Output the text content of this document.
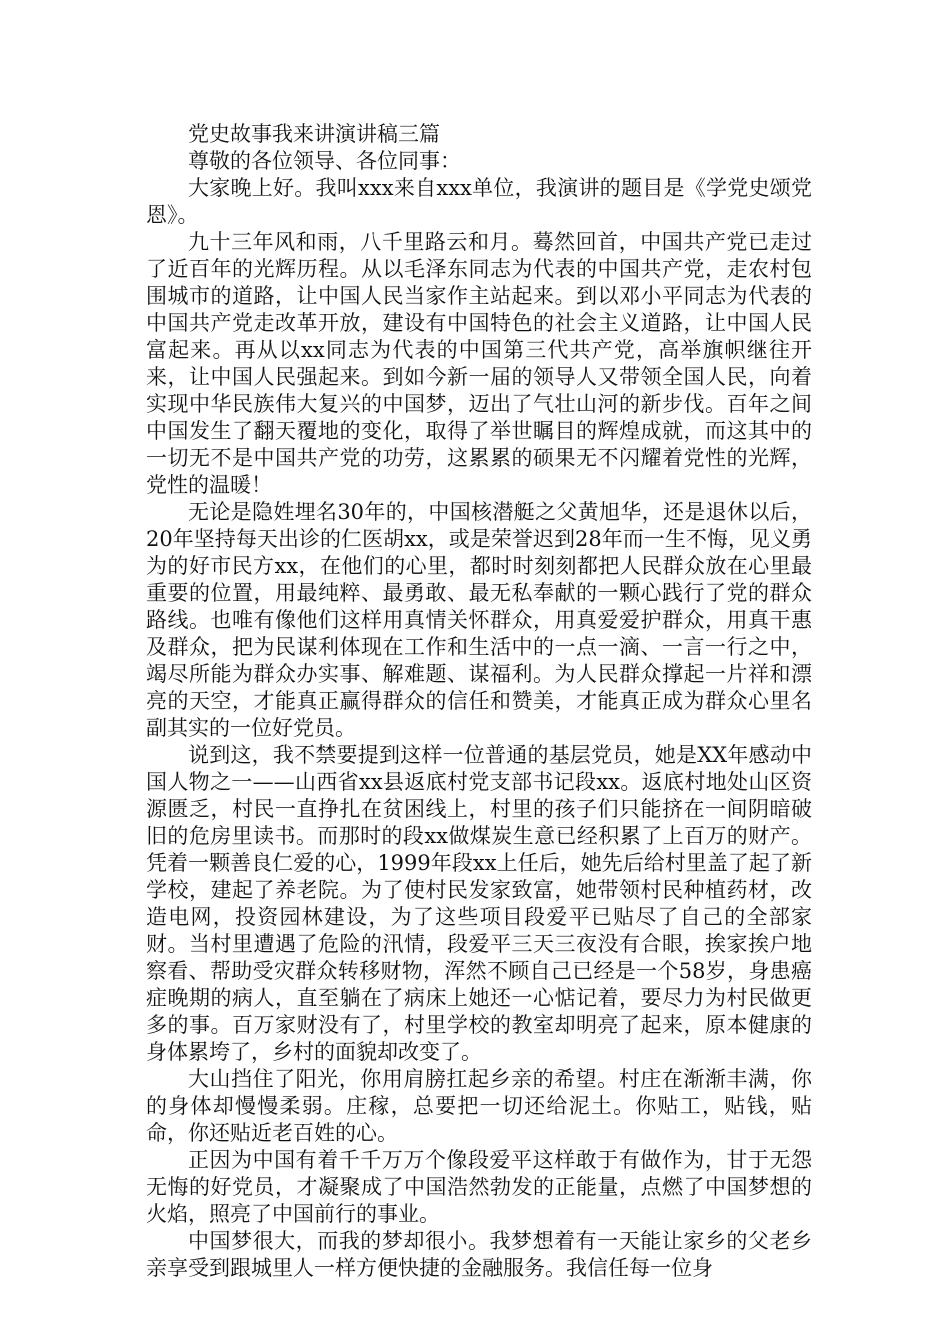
党史故事我来讲演讲稿三篇

尊敬的各位领导、各位同事：

大家晚上好。我叫xxx来自xxx单位，我演讲的题目是《学党史颂党恩》。

九十三年风和雨，八千里路云和月。蓦然回首，中国共产党已走过了近百年的光辉历程。从以毛泽东同志为代表的中国共产党，走农村包围城市的道路，让中国人民当家作主站起来。到以邓小平同志为代表的中国共产党走改革开放，建设有中国特色的社会主义道路，让中国人民富起来。再从以xx同志为代表的中国第三代共产党，高举旗帜继往开来，让中国人民强起来。到如今新一届的领导人又带领全国人民，向着实现中华民族伟大复兴的中国梦，迈出了气壮山河的新步伐。百年之间中国发生了翻天覆地的变化，取得了举世瞩目的辉煌成就，而这其中的一切无不是中国共产党的功劳，这累累的硕果无不闪耀着党性的光辉，党性的温暖！

无论是隐姓埋名30年的，中国核潜艇之父黄旭华，还是退休以后，20年坚持每天出诊的仁医胡xx，或是荣誉迟到28年而一生不悔，见义勇为的好市民方xx，在他们的心里，都时时刻刻都把人民群众放在心里最重要的位置，用最纯粹、最勇敢、最无私奉献的一颗心践行了党的群众路线。也唯有像他们这样用真情关怀群众，用真爱爱护群众，用真干惠及群众，把为民谋利体现在工作和生活中的一点一滴、一言一行之中，竭尽所能为群众办实事、解难题、谋福利。为人民群众撑起一片祥和漂亮的天空，才能真正赢得群众的信任和赞美，才能真正成为群众心里名副其实的一位好党员。

说到这，我不禁要提到这样一位普通的基层党员，她是XX年感动中国人物之一——山西省xx县返底村党支部书记段xx。返底村地处山区资源匮乏，村民一直挣扎在贫困线上，村里的孩子们只能挤在一间阴暗破旧的危房里读书。而那时的段xx做煤炭生意已经积累了上百万的财产。凭着一颗善良仁爱的心，1999年段xx上任后，她先后给村里盖了起了新学校，建起了养老院。为了使村民发家致富，她带领村民种植药材，改造电网，投资园林建设，为了这些项目段爱平已贴尽了自己的全部家财。当村里遭遇了危险的汛情，段爱平三天三夜没有合眼，挨家挨户地察看、帮助受灾群众转移财物，浑然不顾自己已经是一个58岁，身患癌症晚期的病人，直至躺在了病床上她还一心惦记着，要尽力为村民做更多的事。百万家财没有了，村里学校的教室却明亮了起来，原本健康的身体累垮了，乡村的面貌却改变了。

大山挡住了阳光，你用肩膀扛起乡亲的希望。村庄在渐渐丰满，你的身体却慢慢柔弱。庄稼，总要把一切还给泥土。你贴工，贴钱，贴命，你还贴近老百姓的心。

正因为中国有着千千万万个像段爱平这样敢于有做作为，甘于无怨无悔的好党员，才凝聚成了中国浩然勃发的正能量，点燃了中国梦想的火焰，照亮了中国前行的事业。

中国梦很大，而我的梦却很小。我梦想着有一天能让家乡的父老乡亲享受到跟城里人一样方便快捷的金融服务。我信任每一位身
